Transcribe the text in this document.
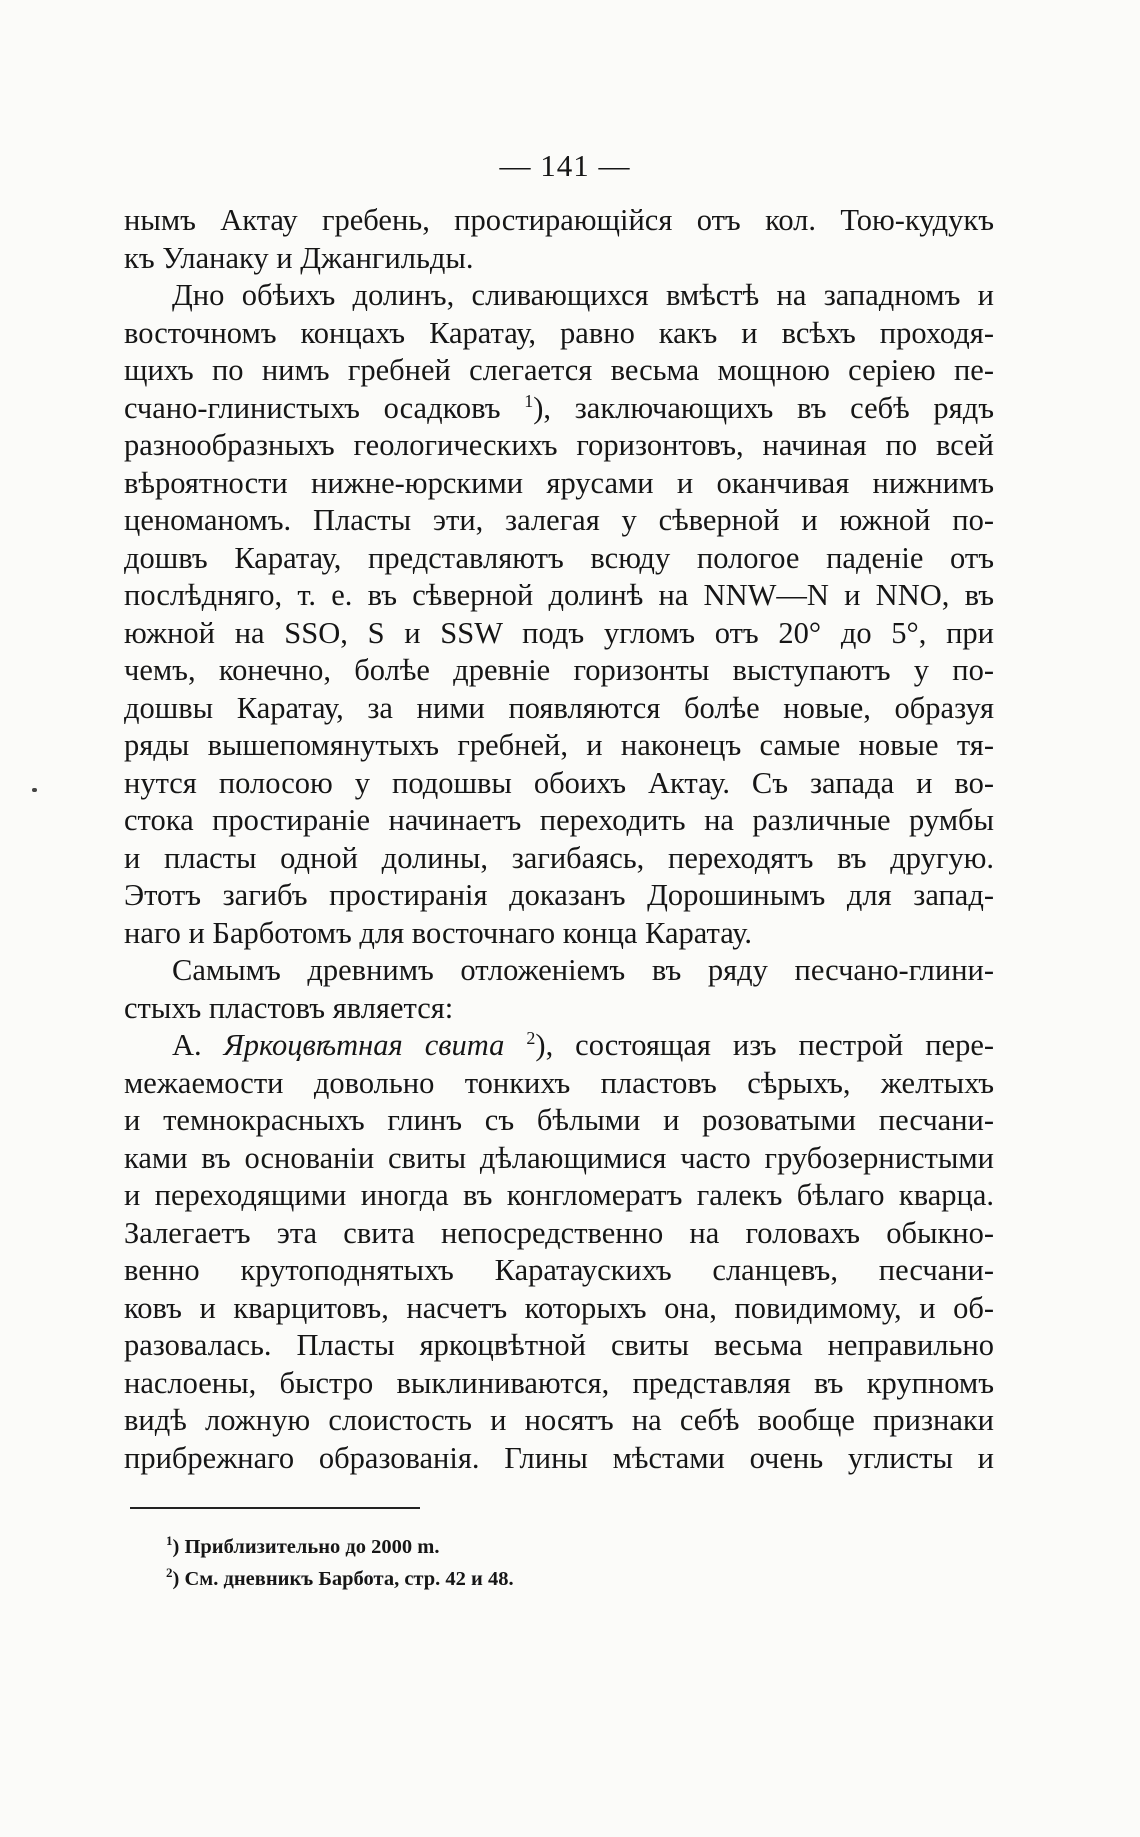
— 141 —

нымъ Актау гребень, простирающійся отъ кол. Тою-кудукъ
къ Уланаку и Джангильды.

Дно обѣихъ долинъ, сливающихся вмѣстѣ на западномъ и
восточномъ концахъ Каратау, равно какъ и всѣхъ проходя-
щихъ по нимъ гребней слегается весьма мощною серіею пе-
счано-глинистыхъ осадковъ $^1$), заключающихъ въ себѣ рядъ
разнообразныхъ геологическихъ горизонтовъ, начиная по всей
вѣроятности нижне-юрскими ярусами и оканчивая нижнимъ
ценоманомъ. Пласты эти, залегая у сѣверной и южной по-
дошвъ Каратау, представляютъ всюду пологое паденіе отъ
послѣдняго, т. е. въ сѣверной долинѣ на NNW—N и NNO, въ
южной на SSO, S и SSW подъ угломъ отъ 20° до 5°, при
чемъ, конечно, болѣе древніе горизонты выступаютъ у по-
дошвы Каратау, за ними появляются болѣе новые, образуя
ряды вышепомянутыхъ гребней, и наконецъ самые новые тя-
нутся полосою у подошвы обоихъ Актау. Съ запада и во-
стока простираніе начинаетъ переходить на различные румбы
и пласты одной долины, загибаясь, переходятъ въ другую.
Этотъ загибъ простиранія доказанъ Дорошинымъ для запад-
наго и Барботомъ для восточнаго конца Каратау.

Самымъ древнимъ отложеніемъ въ ряду песчано-глини-
стыхъ пластовъ является:

А. Яркоцвѣтная свита $^2$), состоящая изъ пестрой пере-
межаемости довольно тонкихъ пластовъ сѣрыхъ, желтыхъ
и темнокрасныхъ глинъ съ бѣлыми и розоватыми песчани-
ками въ основаніи свиты дѣлающимися часто грубозернистыми
и переходящими иногда въ конгломератъ галекъ бѣлаго кварца.
Залегаетъ эта свита непосредственно на головахъ обыкно-
венно крутоподнятыхъ Каратаускихъ сланцевъ, песчани-
ковъ и кварцитовъ, насчетъ которыхъ она, повидимому, и об-
разовалась. Пласты яркоцвѣтной свиты весьма неправильно
наслоены, быстро выклиниваются, представляя въ крупномъ
видѣ ложную слоистость и носятъ на себѣ вообще признаки
прибрежнаго образованія. Глины мѣстами очень углисты и

$^1$) Приблизительно до 2000 m.
$^2$) См. дневникъ Барбота, стр. 42 и 48.
